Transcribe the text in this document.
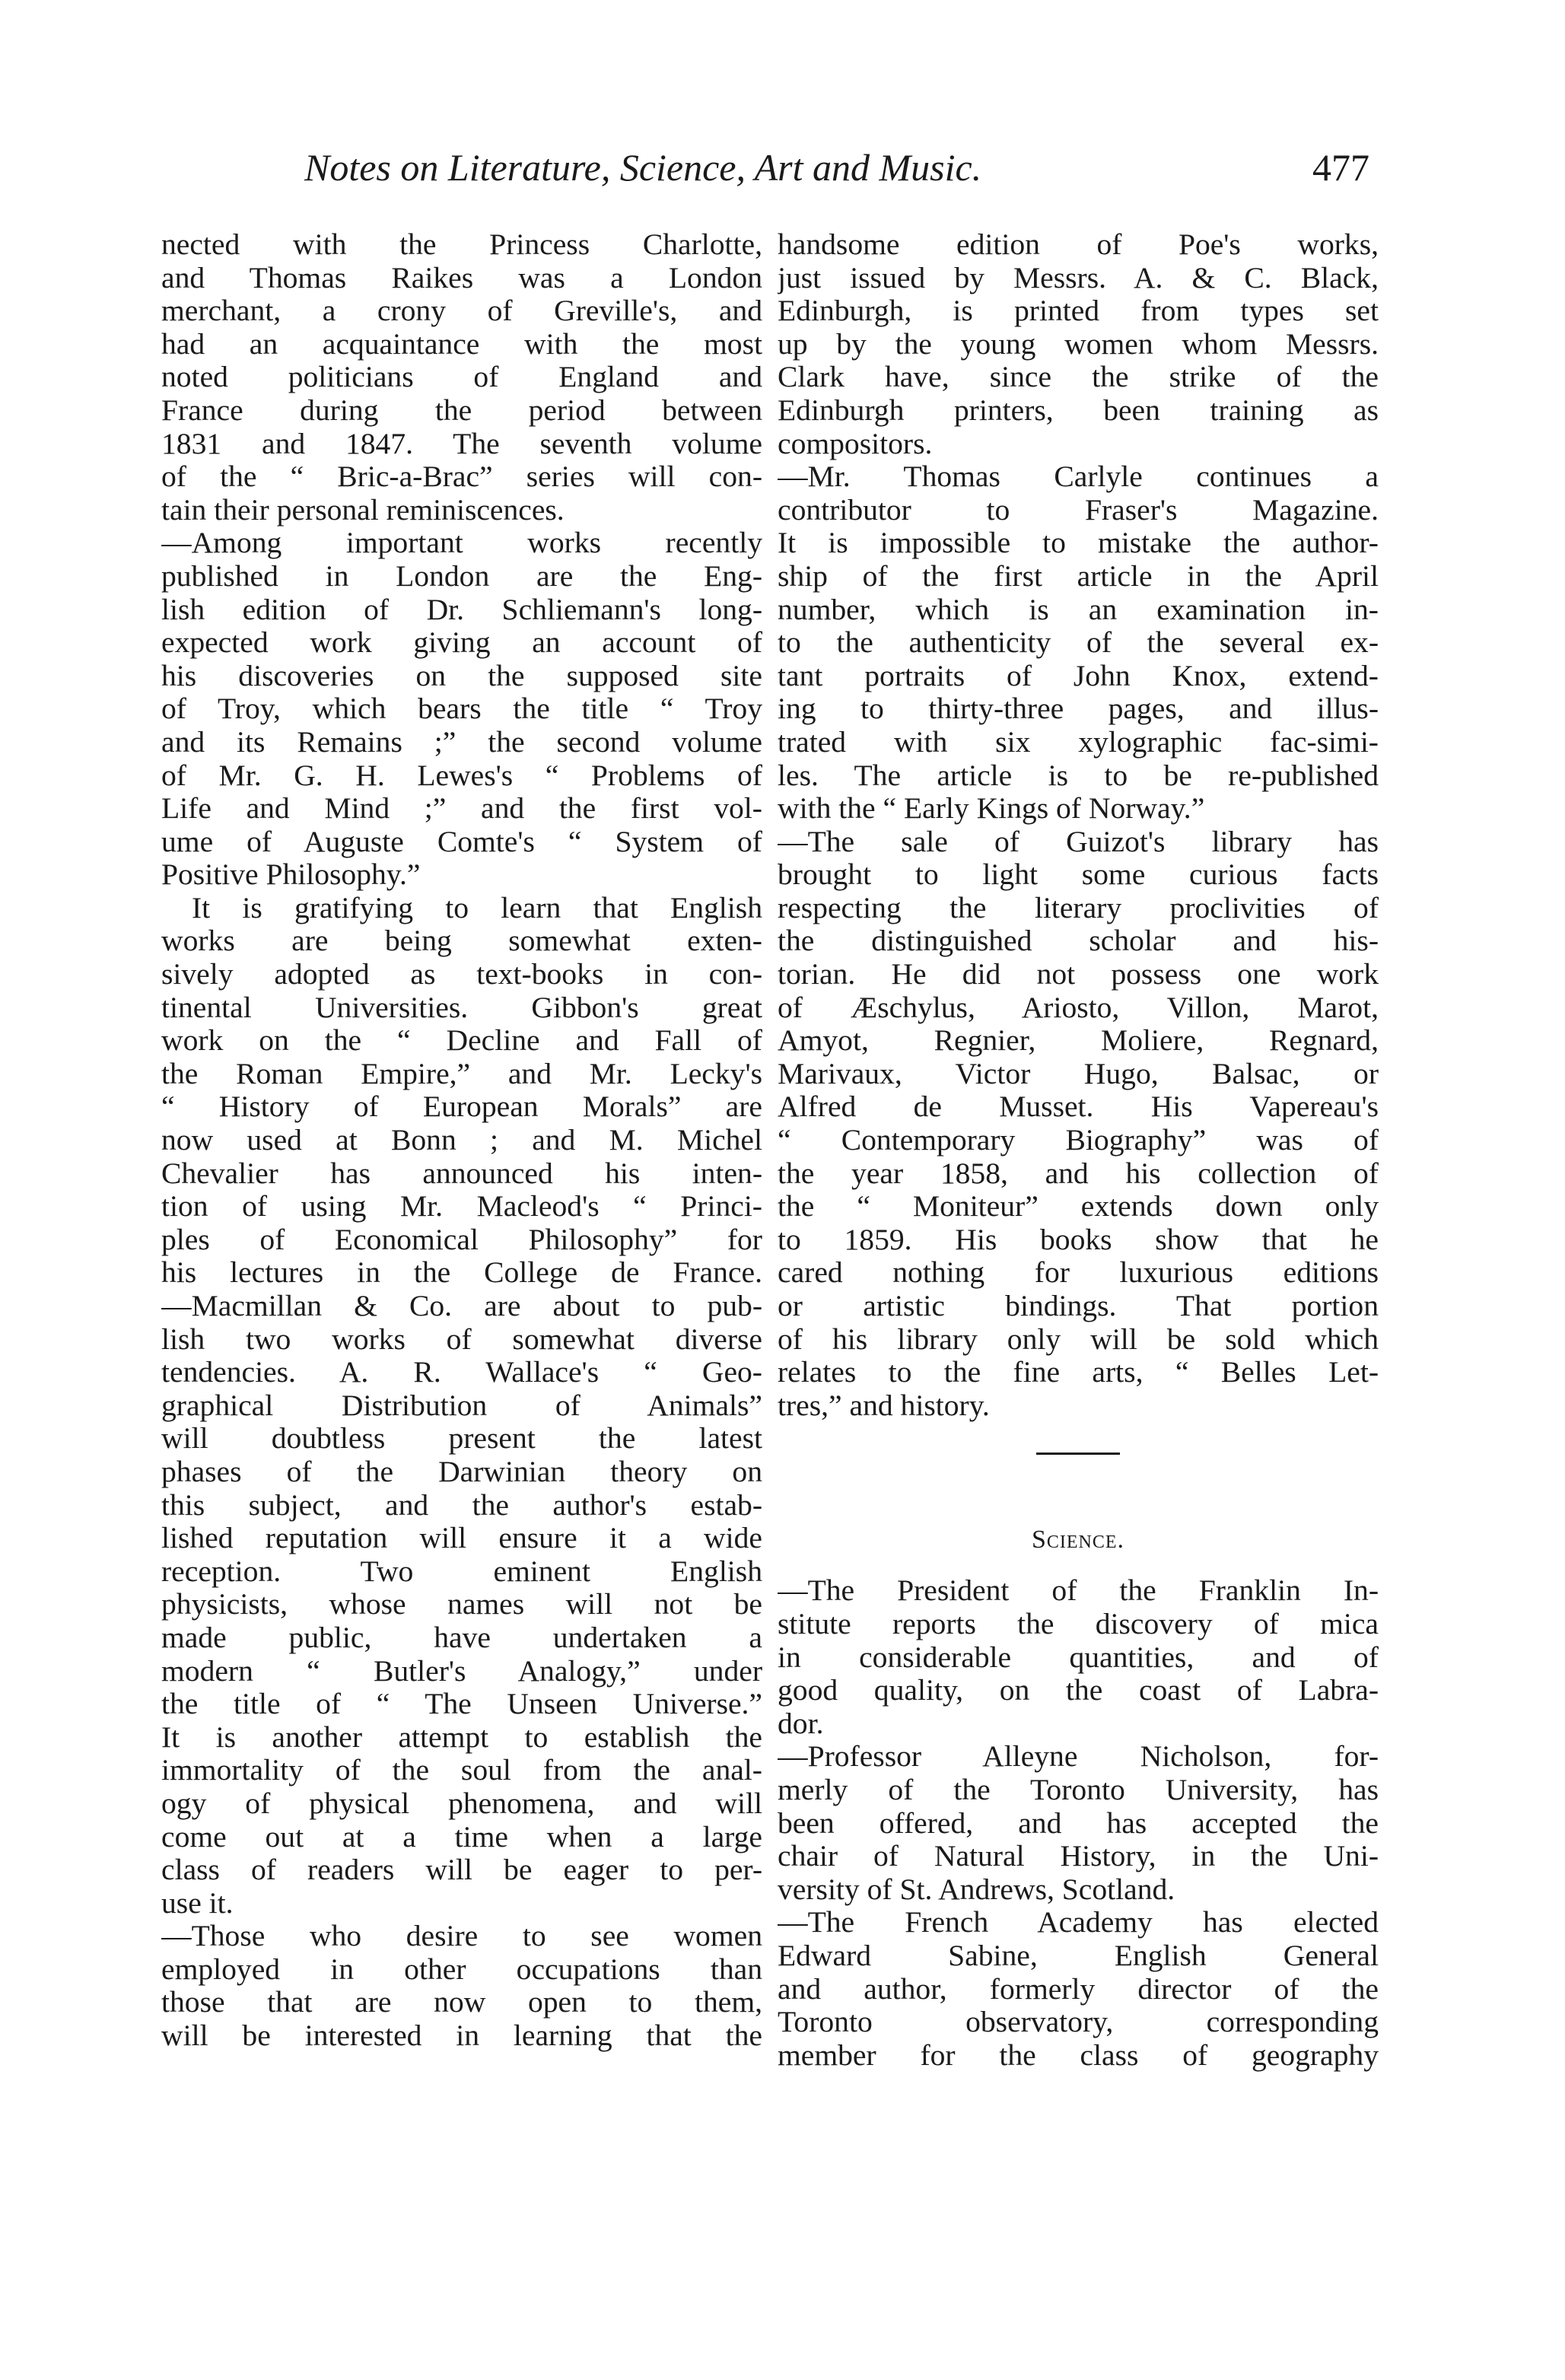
Notes on Literature, Science, Art and Music.	477
nected with the Princess Charlotte,
and Thomas Raikes was a London
merchant, a crony of Greville's, and
had an acquaintance with the most
noted politicians of England and
France during the period between
1831 and 1847. The seventh volume
of the “ Bric-a-Brac” series will con-
tain their personal reminiscences.
—Among important works recently
published in London are the Eng-
lish edition of Dr. Schliemann's long-
expected work giving an account of
his discoveries on the supposed site
of Troy, which bears the title “ Troy
and its Remains ;” the second volume
of Mr. G. H. Lewes's “ Problems of
Life and Mind ;” and the first vol-
ume of Auguste Comte's “ System of
Positive Philosophy.”
It is gratifying to learn that English
works are being somewhat exten-
sively adopted as text-books in con-
tinental Universities. Gibbon's great
work on the “ Decline and Fall of
the Roman Empire,” and Mr. Lecky's
“ History of European Morals” are
now used at Bonn ; and M. Michel
Chevalier has announced his inten-
tion of using Mr. Macleod's “ Princi-
ples of Economical Philosophy” for
his lectures in the College de France.
—Macmillan & Co. are about to pub-
lish two works of somewhat diverse
tendencies. A. R. Wallace's “ Geo-
graphical Distribution of Animals”
will doubtless present the latest
phases of the Darwinian theory on
this subject, and the author's estab-
lished reputation will ensure it a wide
reception. Two eminent English
physicists, whose names will not be
made public, have undertaken a
modern “ Butler's Analogy,” under
the title of “ The Unseen Universe.”
It is another attempt to establish the
immortality of the soul from the anal-
ogy of physical phenomena, and will
come out at a time when a large
class of readers will be eager to per-
use it.
—Those who desire to see women
employed in other occupations than
those that are now open to them,
will be interested in learning that the
handsome edition of Poe's works,
just issued by Messrs. A. & C. Black,
Edinburgh, is printed from types set
up by the young women whom Messrs.
Clark have, since the strike of the
Edinburgh printers, been training as
compositors.
—Mr. Thomas Carlyle continues a
contributor to Fraser's Magazine.
It is impossible to mistake the author-
ship of the first article in the April
number, which is an examination in-
to the authenticity of the several ex-
tant portraits of John Knox, extend-
ing to thirty-three pages, and illus-
trated with six xylographic fac-simi-
les. The article is to be re-published
with the “ Early Kings of Norway.”
—The sale of Guizot's library has
brought to light some curious facts
respecting the literary proclivities of
the distinguished scholar and his-
torian. He did not possess one work
of Æschylus, Ariosto, Villon, Marot,
Amyot, Regnier, Moliere, Regnard,
Marivaux, Victor Hugo, Balsac, or
Alfred de Musset. His Vapereau's
“ Contemporary Biography” was of
the year 1858, and his collection of
the “ Moniteur” extends down only
to 1859. His books show that he
cared nothing for luxurious editions
or artistic bindings. That portion
of his library only will be sold which
relates to the fine arts, “ Belles Let-
tres,” and history.
Science.
—The President of the Franklin In-
stitute reports the discovery of mica
in considerable quantities, and of
good quality, on the coast of Labra-
dor.
—Professor Alleyne Nicholson, for-
merly of the Toronto University, has
been offered, and has accepted the
chair of Natural History, in the Uni-
versity of St. Andrews, Scotland.
—The French Academy has elected
Edward Sabine, English General
and author, formerly director of the
Toronto observatory, corresponding
member for the class of geography
